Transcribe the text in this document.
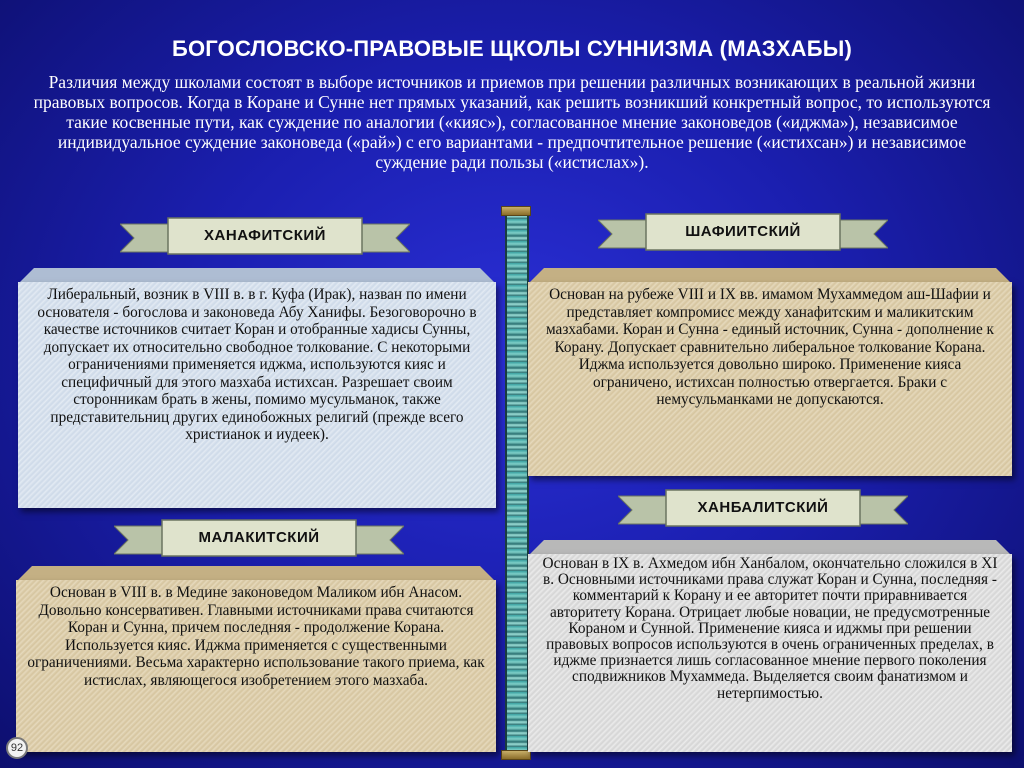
БОГОСЛОВСКО-ПРАВОВЫЕ ЩКОЛЫ СУННИЗМА (МАЗХАБЫ)
Различия между школами состоят в выборе источников и приемов при решении различных возникающих в реальной жизни правовых вопросов. Когда в Коране и Сунне нет прямых указаний, как решить возникший конкретный вопрос, то используются такие косвенные пути, как суждение по аналогии («кияс»), согласованное мнение законоведов («иджма»), независимое индивидуальное суждение законоведа («рай») с его вариантами - предпочтительное решение («истихсан») и независимое суждение ради пользы («истислах»).
ХАНАФИТСКИЙ
Либеральный, возник в VIII в. в г. Куфа (Ирак), назван по имени основателя - богослова и законоведа Абу Ханифы. Безоговорочно в качестве источников считает Коран и отобранные хадисы Сунны, допускает их относительно свободное толкование. С некоторыми ограничениями применяется иджма, используются кияс и специфичный для этого мазхаба истихсан. Разрешает своим сторонникам брать в жены, помимо мусульманок, также представительниц других единобожных религий (прежде всего христианок и иудеек).
МАЛАКИТСКИЙ
Основан в VIII в. в Медине законоведом Маликом ибн Анасом. Довольно консервативен. Главными источниками права считаются Коран и Сунна, причем последняя - продолжение Корана. Используется кияс. Иджма применяется с существенными ограничениями. Весьма характерно использование такого приема, как истислах, являющегося изобретением этого мазхаба.
ШАФИИТСКИЙ
Основан на рубеже VIII и IX вв. имамом Мухаммедом аш-Шафии и представляет компромисс между ханафитским и маликитским мазхабами. Коран и Сунна - единый источник, Сунна - дополнение к Корану. Допускает сравнительно либеральное толкование Корана. Иджма используется довольно широко. Применение кияса ограничено, истихсан полностью отвергается. Браки с немусульманками не допускаются.
ХАНБАЛИТСКИЙ
Основан в IX в. Ахмедом ибн Ханбалом, окончательно сложился в XI в. Основными источниками права служат Коран и Сунна, последняя - комментарий к Корану и ее авторитет почти приравнивается авторитету Корана. Отрицает любые новации, не предусмотренные Кораном и Сунной. Применение кияса и иджмы при решении правовых вопросов используются в очень ограниченных пределах, в иджме признается лишь согласованное мнение первого поколения сподвижников Мухаммеда. Выделяется своим фанатизмом и нетерпимостью.
92
